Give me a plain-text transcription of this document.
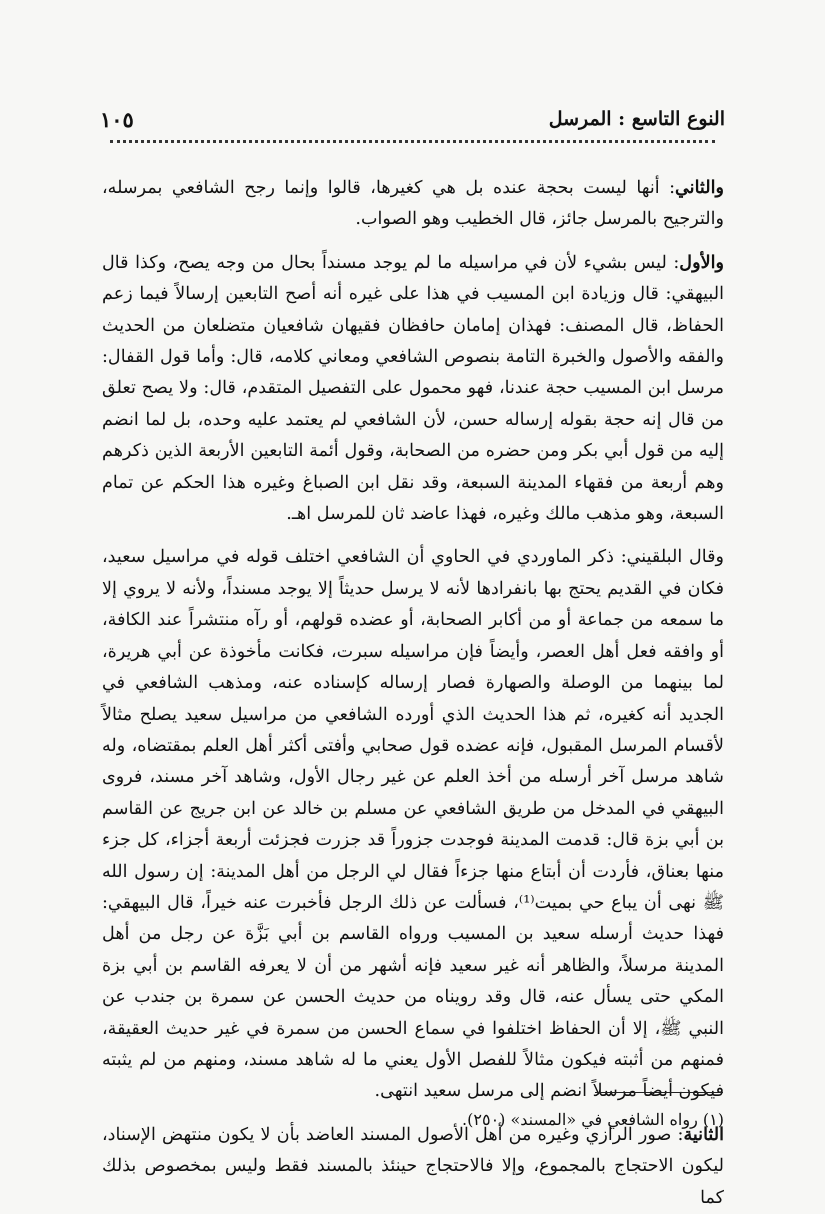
النوع التاسع : المرسل
١٠٥

والثاني: أنها ليست بحجة عنده بل هي كغيرها، قالوا وإنما رجح الشافعي بمرسله، والترجيح بالمرسل جائز، قال الخطيب وهو الصواب.

والأول: ليس بشيء لأن في مراسيله ما لم يوجد مسنداً بحال من وجه يصح، وكذا قال البيهقي: قال وزيادة ابن المسيب في هذا على غيره أنه أصح التابعين إرسالاً فيما زعم الحفاظ، قال المصنف: فهذان إمامان حافظان فقيهان شافعيان متضلعان من الحديث والفقه والأصول والخبرة التامة بنصوص الشافعي ومعاني كلامه، قال: وأما قول القفال: مرسل ابن المسيب حجة عندنا، فهو محمول على التفصيل المتقدم، قال: ولا يصح تعلق من قال إنه حجة بقوله إرساله حسن، لأن الشافعي لم يعتمد عليه وحده، بل لما انضم إليه من قول أبي بكر ومن حضره من الصحابة، وقول أئمة التابعين الأربعة الذين ذكرهم وهم أربعة من فقهاء المدينة السبعة، وقد نقل ابن الصباغ وغيره هذا الحكم عن تمام السبعة، وهو مذهب مالك وغيره، فهذا عاضد ثان للمرسل اهـ.

وقال البلقيني: ذكر الماوردي في الحاوي أن الشافعي اختلف قوله في مراسيل سعيد، فكان في القديم يحتج بها بانفرادها لأنه لا يرسل حديثاً إلا يوجد مسنداً، ولأنه لا يروي إلا ما سمعه من جماعة أو من أكابر الصحابة، أو عضده قولهم، أو رآه منتشراً عند الكافة، أو وافقه فعل أهل العصر، وأيضاً فإن مراسيله سبرت، فكانت مأخوذة عن أبي هريرة، لما بينهما من الوصلة والصهارة فصار إرساله كإسناده عنه، ومذهب الشافعي في الجديد أنه كغيره، ثم هذا الحديث الذي أورده الشافعي من مراسيل سعيد يصلح مثالاً لأقسام المرسل المقبول، فإنه عضده قول صحابي وأفتى أكثر أهل العلم بمقتضاه، وله شاهد مرسل آخر أرسله من أخذ العلم عن غير رجال الأول، وشاهد آخر مسند، فروى البيهقي في المدخل من طريق الشافعي عن مسلم بن خالد عن ابن جريج عن القاسم بن أبي بزة قال: قدمت المدينة فوجدت جزوراً قد جزرت فجزئت أربعة أجزاء، كل جزء منها بعناق، فأردت أن أبتاع منها جزءاً فقال لي الرجل من أهل المدينة: إن رسول الله ﷺ نهى أن يباع حي بميت⁽¹⁾، فسألت عن ذلك الرجل فأخبرت عنه خيراً، قال البيهقي: فهذا حديث أرسله سعيد بن المسيب ورواه القاسم بن أبي بَزَّة عن رجل من أهل المدينة مرسلاً، والظاهر أنه غير سعيد فإنه أشهر من أن لا يعرفه القاسم بن أبي بزة المكي حتى يسأل عنه، قال وقد رويناه من حديث الحسن عن سمرة بن جندب عن النبي ﷺ، إلا أن الحفاظ اختلفوا في سماع الحسن من سمرة في غير حديث العقيقة، فمنهم من أثبته فيكون مثالاً للفصل الأول يعني ما له شاهد مسند، ومنهم من لم يثبته فيكون أيضاً مرسلاً انضم إلى مرسل سعيد انتهى.

الثانية: صور الرازي وغيره من أهل الأصول المسند العاضد بأن لا يكون منتهض الإسناد، ليكون الاحتجاج بالمجموع، وإلا فالاحتجاج حينئذ بالمسند فقط وليس بمخصوص بذلك كما

(١) رواه الشافعي في «المسند» (٢٥٠).
